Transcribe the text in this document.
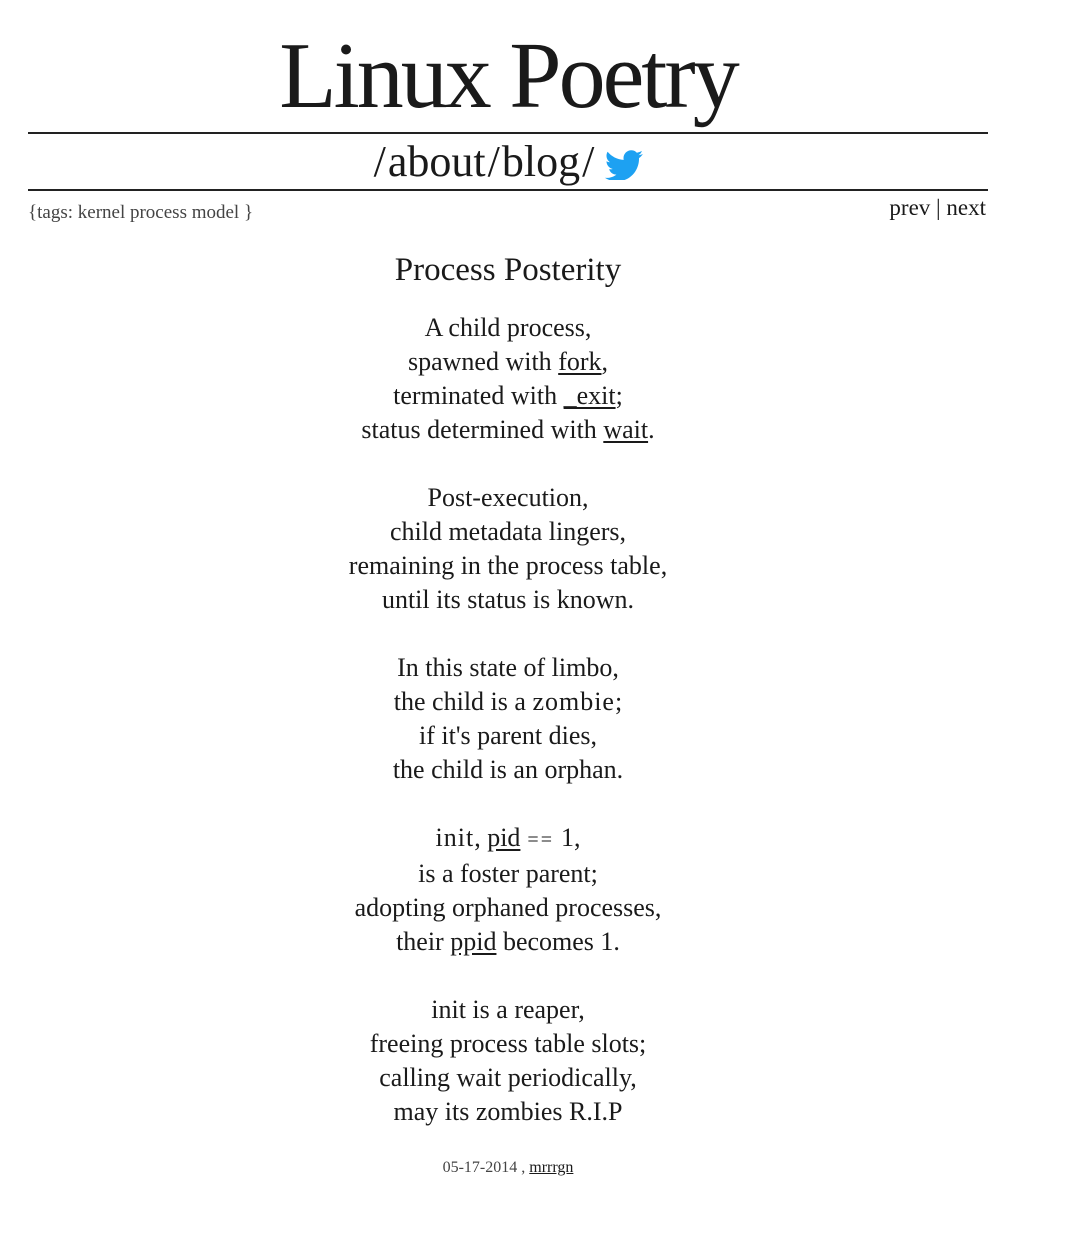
Linux Poetry
/about/blog/
{tags: kernel process model }	prev | next
Process Posterity
A child process,
spawned with fork,
terminated with _exit;
status determined with wait.
Post-execution,
child metadata lingers,
remaining in the process table,
until its status is known.
In this state of limbo,
the child is a zombie;
if it's parent dies,
the child is an orphan.
init, pid == 1,
is a foster parent;
adopting orphaned processes,
their ppid becomes 1.
init is a reaper,
freeing process table slots;
calling wait periodically,
may its zombies R.I.P
05-17-2014 , mrrrgn
